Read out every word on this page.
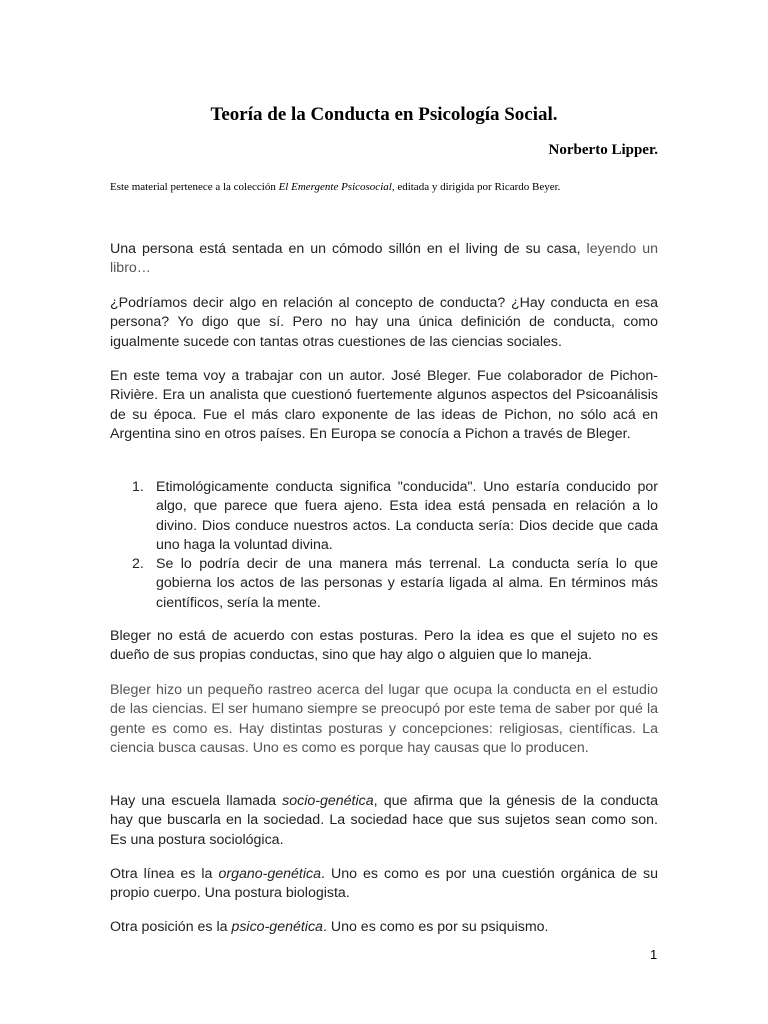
Teoría de la Conducta en Psicología Social.
Norberto Lipper.
Este material pertenece a la colección El Emergente Psicosocial, editada y dirigida por Ricardo Beyer.

Una persona está sentada en un cómodo sillón en el living de su casa, leyendo un libro…

¿Podríamos decir algo en relación al concepto de conducta? ¿Hay conducta en esa persona? Yo digo que sí. Pero no hay una única definición de conducta, como igualmente sucede con tantas otras cuestiones de las ciencias sociales.

En este tema voy a trabajar con un autor. José Bleger. Fue colaborador de Pichon-Rivière. Era un analista que cuestionó fuertemente algunos aspectos del Psicoanálisis de su época. Fue el más claro exponente de las ideas de Pichon, no sólo acá en Argentina sino en otros países. En Europa se conocía a Pichon a través de Bleger.

1. Etimológicamente conducta significa "conducida". Uno estaría conducido por algo, que parece que fuera ajeno. Esta idea está pensada en relación a lo divino. Dios conduce nuestros actos. La conducta sería: Dios decide que cada uno haga la voluntad divina.
2. Se lo podría decir de una manera más terrenal. La conducta sería lo que gobierna los actos de las personas y estaría ligada al alma. En términos más científicos, sería la mente.

Bleger no está de acuerdo con estas posturas. Pero la idea es que el sujeto no es dueño de sus propias conductas, sino que hay algo o alguien que lo maneja.

Bleger hizo un pequeño rastreo acerca del lugar que ocupa la conducta en el estudio de las ciencias. El ser humano siempre se preocupó por este tema de saber por qué la gente es como es. Hay distintas posturas y concepciones: religiosas, científicas. La ciencia busca causas. Uno es como es porque hay causas que lo producen.

Hay una escuela llamada socio-genética, que afirma que la génesis de la conducta hay que buscarla en la sociedad. La sociedad hace que sus sujetos sean como son. Es una postura sociológica.

Otra línea es la organo-genética. Uno es como es por una cuestión orgánica de su propio cuerpo. Una postura biologista.

Otra posición es la psico-genética. Uno es como es por su psiquismo.

1
